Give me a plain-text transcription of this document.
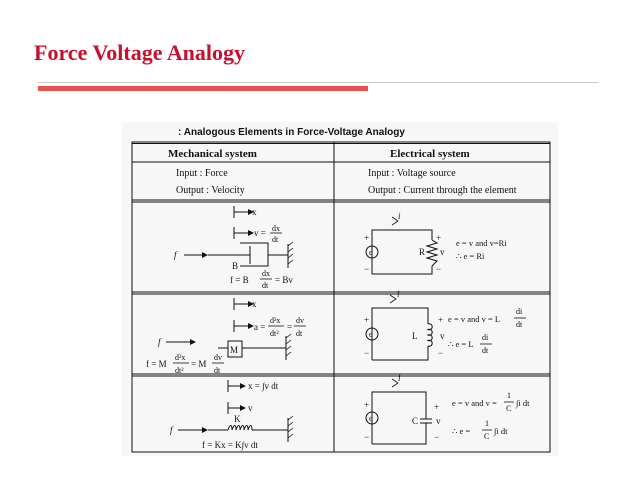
Force Voltage Analogy
: Analogous Elements in Force-Voltage Analogy
Mechanical system	Electrical system
Input : Force
Output : Velocity
Input : Voltage source
Output : Current through the element
x
v = dx
dt
f
B
f = B
dx
dt
= Bv
i
e
+
−
+
−
R v
e = v and v=Ri
∴ e = Ri
x
a =
d²x
dt²
=
dv
dt
f
M
f = M
d²x
dt²
= M
dv
dt
i
e
+
−
+
−
L	v
e = v and v = L
di
dt
∴ e = L
di
dt
x = ∫v dt
v
f
K
f = Kx = K∫v dt
i
e
+
−
+
−
C v
e = v and v =
1
C
∫i dt
∴ e =
1
C
∫i dt
